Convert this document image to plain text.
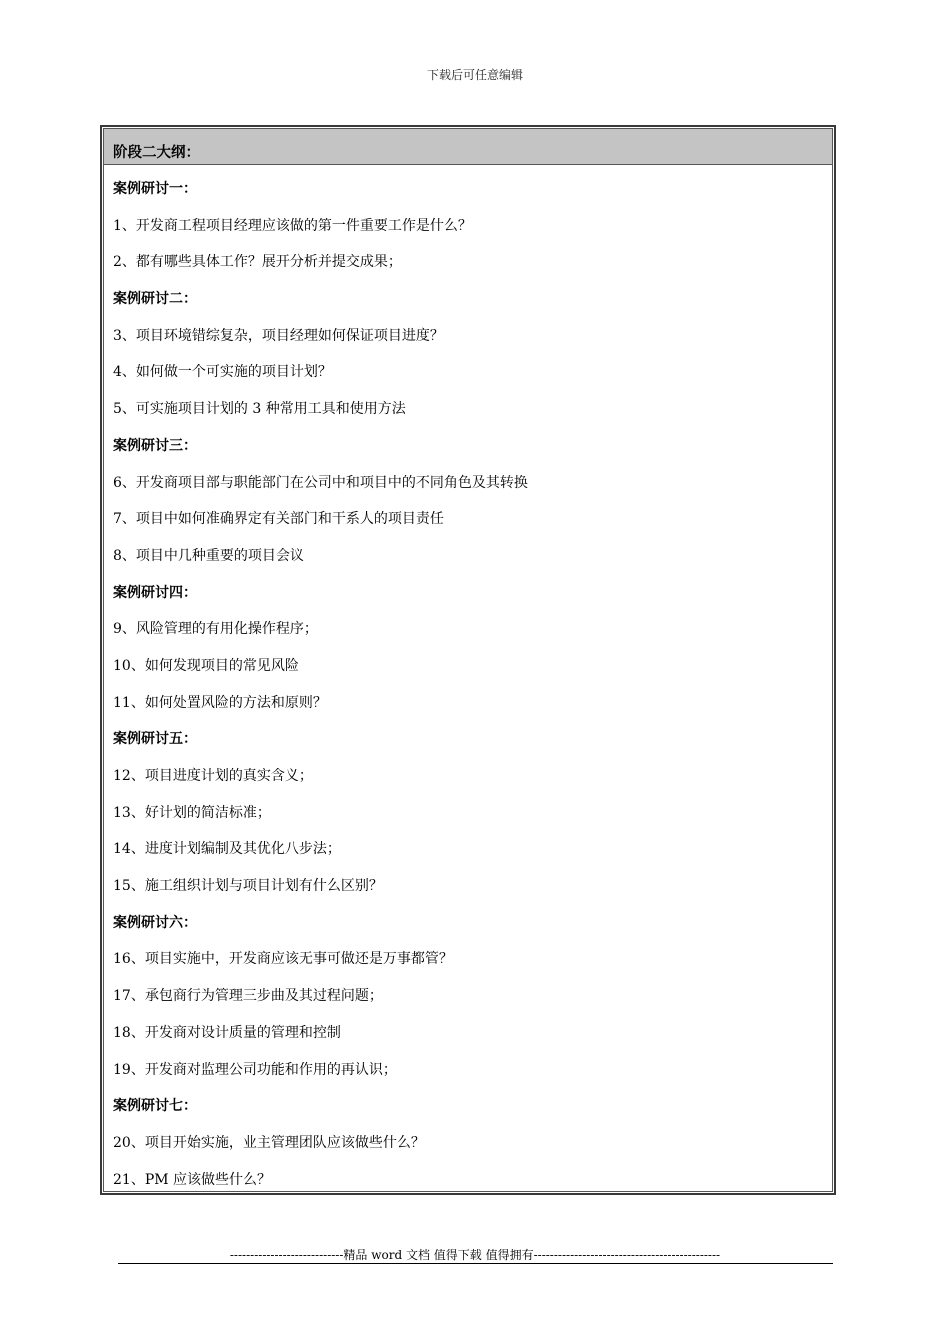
下载后可任意编辑
阶段二大纲：
案例研讨一：
1、开发商工程项目经理应该做的第一件重要工作是什么？
2、都有哪些具体工作？展开分析并提交成果；
案例研讨二：
3、项目环境错综复杂，项目经理如何保证项目进度？
4、如何做一个可实施的项目计划？
5、可实施项目计划的 3 种常用工具和使用方法
案例研讨三：
6、开发商项目部与职能部门在公司中和项目中的不同角色及其转换
7、项目中如何准确界定有关部门和干系人的项目责任
8、项目中几种重要的项目会议
案例研讨四：
9、风险管理的有用化操作程序；
10、如何发现项目的常见风险
11、如何处置风险的方法和原则？
案例研讨五：
12、项目进度计划的真实含义；
13、好计划的简洁标准；
14、进度计划编制及其优化八步法；
15、施工组织计划与项目计划有什么区别？
案例研讨六：
16、项目实施中，开发商应该无事可做还是万事都管？
17、承包商行为管理三步曲及其过程问题；
18、开发商对设计质量的管理和控制
19、开发商对监理公司功能和作用的再认识；
案例研讨七：
20、项目开始实施，业主管理团队应该做些什么？
21、PM 应该做些什么？
----------------------------精品 word 文档 值得下载 值得拥有----------------------------------------------
